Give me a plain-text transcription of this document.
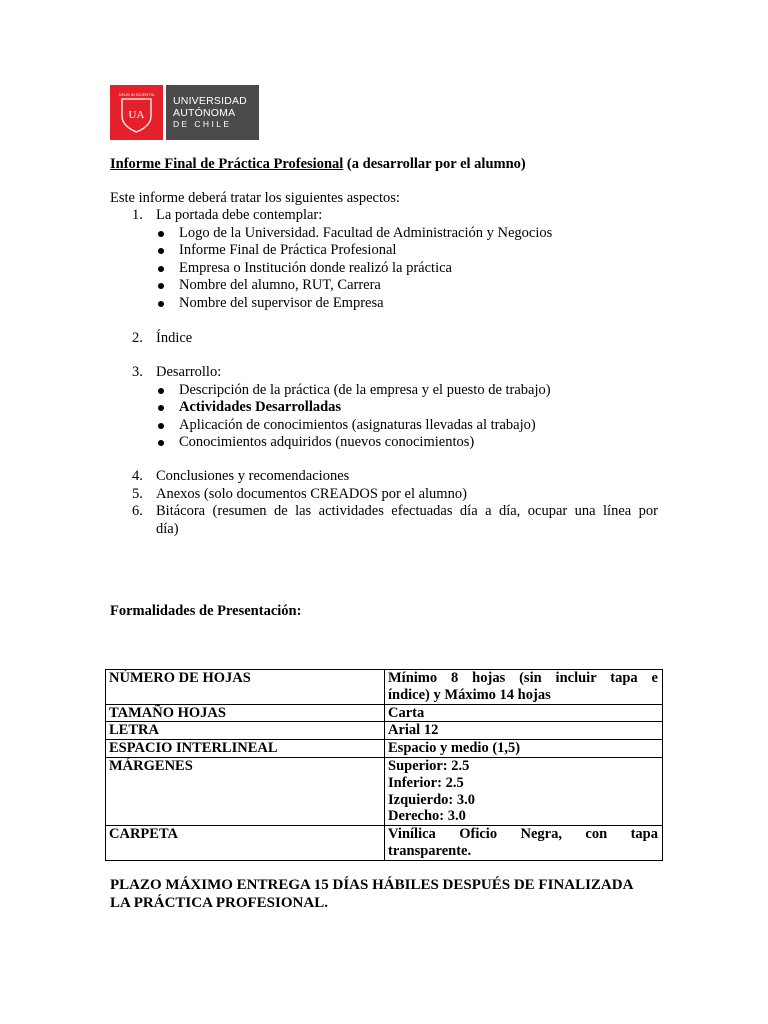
DEUS IN SCIENTIA
UA
UNIVERSIDAD
AUTÓNOMA
DE CHILE
Informe Final de Práctica Profesional (a desarrollar por el alumno)
Este informe deberá tratar los siguientes aspectos:
1. La portada debe contemplar:
Logo de la Universidad. Facultad de Administración y Negocios
Informe Final de Práctica Profesional
Empresa o Institución donde realizó la práctica
Nombre del alumno, RUT, Carrera
Nombre del supervisor de Empresa
2. Índice
3. Desarrollo:
Descripción de la práctica (de la empresa y el puesto de trabajo)
Actividades Desarrolladas
Aplicación de conocimientos (asignaturas llevadas al trabajo)
Conocimientos adquiridos (nuevos conocimientos)
4. Conclusiones y recomendaciones
5. Anexos (solo documentos CREADOS por el alumno)
6. Bitácora (resumen de las actividades efectuadas día a día, ocupar una línea por
día)
Formalidades de Presentación:
NÚMERO DE HOJAS	Mínimo 8 hojas (sin incluir tapa e
índice) y Máximo 14 hojas

TAMAÑO HOJAS	Carta
LETRA	Arial 12
ESPACIO INTERLINEAL	Espacio y medio (1,5)
MÁRGENES	Superior: 2.5
Inferior: 2.5
Izquierdo: 3.0
Derecho: 3.0

CARPETA	Vinílica Oficio Negra, con tapa
transparente.
PLAZO MÁXIMO ENTREGA 15 DÍAS HÁBILES DESPUÉS DE FINALIZADA
LA PRÁCTICA PROFESIONAL.
